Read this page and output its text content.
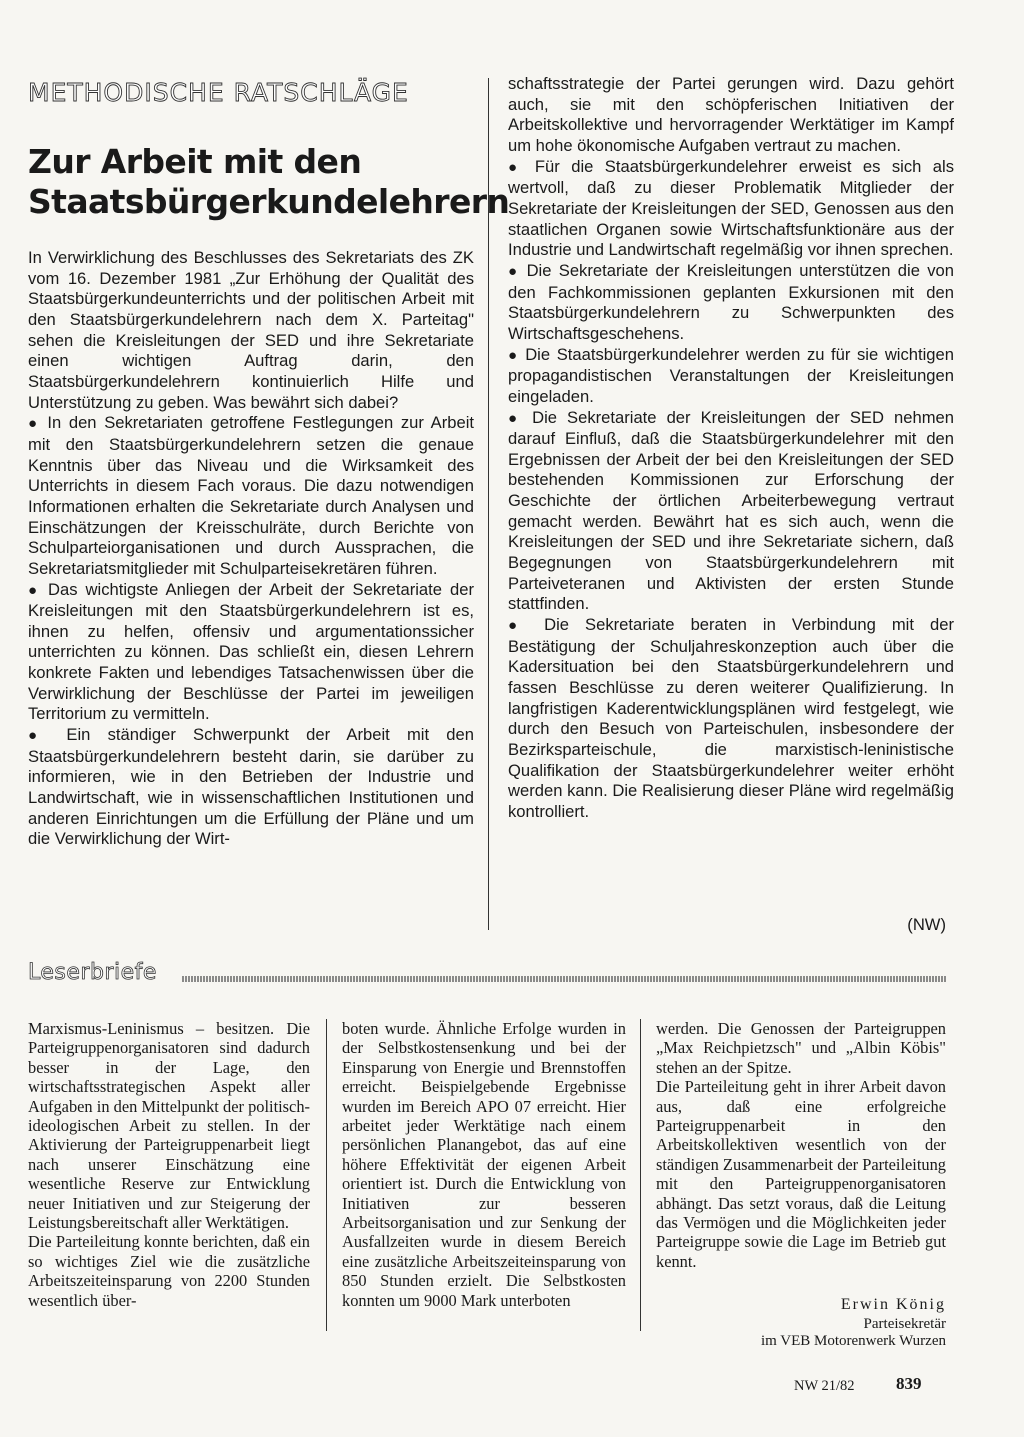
METHODISCHE RATSCHLÄGE
Zur Arbeit mit den
Staatsbürgerkundelehrern

In Verwirklichung des Beschlusses des Sekretariats des ZK vom 16. Dezember 1981 „Zur Erhöhung der Qualität des Staatsbürgerkundeunterrichts und der politischen Arbeit mit den Staatsbürgerkundelehrern nach dem X. Parteitag" sehen die Kreisleitungen der SED und ihre Sekretariate einen wichtigen Auftrag darin, den Staatsbürgerkundelehrern kontinuierlich Hilfe und Unterstützung zu geben. Was bewährt sich dabei?

● In den Sekretariaten getroffene Festlegungen zur Arbeit mit den Staatsbürgerkundelehrern setzen die genaue Kenntnis über das Niveau und die Wirksamkeit des Unterrichts in diesem Fach voraus. Die dazu notwendigen Informationen erhalten die Sekretariate durch Analysen und Einschätzungen der Kreisschulräte, durch Berichte von Schulparteiorganisationen und durch Aussprachen, die Sekretariatsmitglieder mit Schulparteisekretären führen.

● Das wichtigste Anliegen der Arbeit der Sekretariate der Kreisleitungen mit den Staatsbürgerkundelehrern ist es, ihnen zu helfen, offensiv und argumentationssicher unterrichten zu können. Das schließt ein, diesen Lehrern konkrete Fakten und lebendiges Tatsachenwissen über die Verwirklichung der Beschlüsse der Partei im jeweiligen Territorium zu vermitteln.

● Ein ständiger Schwerpunkt der Arbeit mit den Staatsbürgerkundelehrern besteht darin, sie darüber zu informieren, wie in den Betrieben der Industrie und Landwirtschaft, wie in wissenschaftlichen Institutionen und anderen Einrichtungen um die Erfüllung der Pläne und um die Verwirklichung der Wirt-

schaftsstrategie der Partei gerungen wird. Dazu gehört auch, sie mit den schöpferischen Initiativen der Arbeitskollektive und hervorragender Werktätiger im Kampf um hohe ökonomische Aufgaben vertraut zu machen.

● Für die Staatsbürgerkundelehrer erweist es sich als wertvoll, daß zu dieser Problematik Mitglieder der Sekretariate der Kreisleitungen der SED, Genossen aus den staatlichen Organen sowie Wirtschaftsfunktionäre aus der Industrie und Landwirtschaft regelmäßig vor ihnen sprechen.

● Die Sekretariate der Kreisleitungen unterstützen die von den Fachkommissionen geplanten Exkursionen mit den Staatsbürgerkundelehrern zu Schwerpunkten des Wirtschaftsgeschehens.

● Die Staatsbürgerkundelehrer werden zu für sie wichtigen propagandistischen Veranstaltungen der Kreisleitungen eingeladen.

● Die Sekretariate der Kreisleitungen der SED nehmen darauf Einfluß, daß die Staatsbürgerkundelehrer mit den Ergebnissen der Arbeit der bei den Kreisleitungen der SED bestehenden Kommissionen zur Erforschung der Geschichte der örtlichen Arbeiterbewegung vertraut gemacht werden. Bewährt hat es sich auch, wenn die Kreisleitungen der SED und ihre Sekretariate sichern, daß Begegnungen von Staatsbürgerkundelehrern mit Parteiveteranen und Aktivisten der ersten Stunde stattfinden.

● Die Sekretariate beraten in Verbindung mit der Bestätigung der Schuljahreskonzeption auch über die Kadersituation bei den Staatsbürgerkundelehrern und fassen Beschlüsse zu deren weiterer Qualifizierung. In langfristigen Kaderentwicklungsplänen wird festgelegt, wie durch den Besuch von Parteischulen, insbesondere der Bezirksparteischule, die marxistisch-leninistische Qualifikation der Staatsbürgerkundelehrer weiter erhöht werden kann. Die Realisierung dieser Pläne wird regelmäßig kontrolliert.

(NW)
Leserbriefe

Marxismus-Leninismus – besitzen. Die Parteigruppenorganisatoren sind dadurch besser in der Lage, den wirtschaftsstrategischen Aspekt aller Aufgaben in den Mittelpunkt der politisch-ideologischen Arbeit zu stellen. In der Aktivierung der Parteigruppenarbeit liegt nach unserer Einschätzung eine wesentliche Reserve zur Entwicklung neuer Initiativen und zur Steigerung der Leistungsbereitschaft aller Werktätigen.

Die Parteileitung konnte berichten, daß ein so wichtiges Ziel wie die zusätzliche Arbeitszeiteinsparung von 2200 Stunden wesentlich über-

boten wurde. Ähnliche Erfolge wurden in der Selbstkostensenkung und bei der Einsparung von Energie und Brennstoffen erreicht. Beispielgebende Ergebnisse wurden im Bereich APO 07 erreicht. Hier arbeitet jeder Werktätige nach einem persönlichen Planangebot, das auf eine höhere Effektivität der eigenen Arbeit orientiert ist. Durch die Entwicklung von Initiativen zur besseren Arbeitsorganisation und zur Senkung der Ausfallzeiten wurde in diesem Bereich eine zusätzliche Arbeitszeiteinsparung von 850 Stunden erzielt. Die Selbstkosten konnten um 9000 Mark unterboten

werden. Die Genossen der Parteigruppen „Max Reichpietzsch" und „Albin Köbis" stehen an der Spitze.

Die Parteileitung geht in ihrer Arbeit davon aus, daß eine erfolgreiche Parteigruppenarbeit in den Arbeitskollektiven wesentlich von der ständigen Zusammenarbeit der Parteileitung mit den Parteigruppenorganisatoren abhängt. Das setzt voraus, daß die Leitung das Vermögen und die Möglichkeiten jeder Parteigruppe sowie die Lage im Betrieb gut kennt.

Erwin König
Parteisekretär
im VEB Motorenwerk Wurzen
NW 21/82 839
